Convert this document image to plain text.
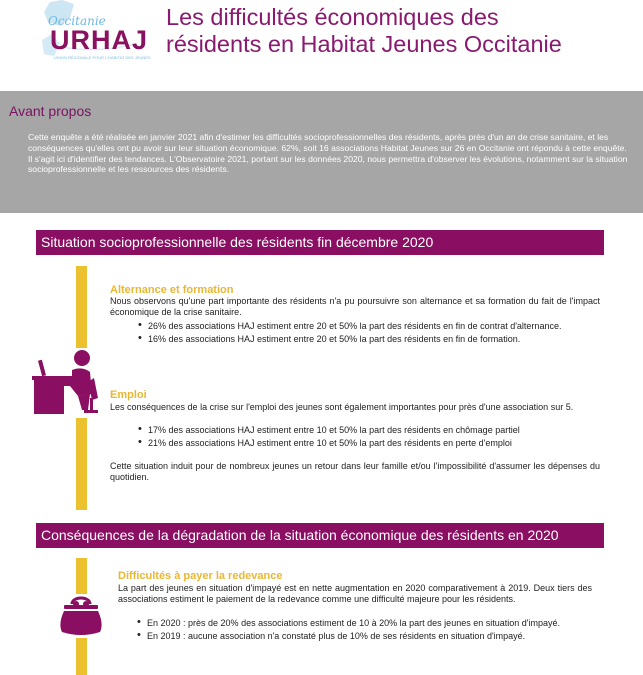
Occitanie
URHAJ
UNION RÉGIONALE POUR L'HABITAT DES JEUNES
Les difficultés économiques des
résidents en Habitat Jeunes Occitanie
Avant propos

Cette enquête a été réalisée en janvier 2021 afin d'estimer les difficultés socioprofessionnelles des résidents, après près d'un an de crise sanitaire, et les conséquences qu'elles ont pu avoir sur leur situation économique. 62%, soit 16 associations Habitat Jeunes sur 26 en Occitanie ont répondu à cette enquête.

Il s'agit ici d'identifier des tendances. L'Observatoire 2021, portant sur les données 2020, nous permettra d'observer les évolutions, notamment sur la situation socioprofessionnelle et les ressources des résidents.

Situation socioprofessionnelle des résidents fin décembre 2020
Alternance et formation
Nous observons qu'une part importante des résidents n'a pu poursuivre son alternance et sa formation du fait de l'impact économique de la crise sanitaire.
• 26% des associations HAJ estiment entre 20 et 50% la part des résidents en fin de contrat d'alternance.
• 16% des associations HAJ estiment entre 20 et 50% la part des résidents en fin de formation.
Emploi
Les conséquences de la crise sur l'emploi des jeunes sont également importantes pour près d'une association sur 5.
• 17% des associations HAJ estiment entre 10 et 50% la part des résidents en chômage partiel
• 21% des associations HAJ estiment entre 10 et 50% la part des résidents en perte d'emploi
Cette situation induit pour de nombreux jeunes un retour dans leur famille et/ou l'impossibilité d'assumer les dépenses du quotidien.
Conséquences de la dégradation de la situation économique des résidents en 2020
Difficultés à payer la redevance
La part des jeunes en situation d'impayé est en nette augmentation en 2020 comparativement à 2019. Deux tiers des associations estiment le paiement de la redevance comme une difficulté majeure pour les résidents.
• En 2020 : près de 20% des associations estiment de 10 à 20% la part des jeunes en situation d'impayé.
• En 2019 : aucune association n'a constaté plus de 10% de ses résidents en situation d'impayé.
